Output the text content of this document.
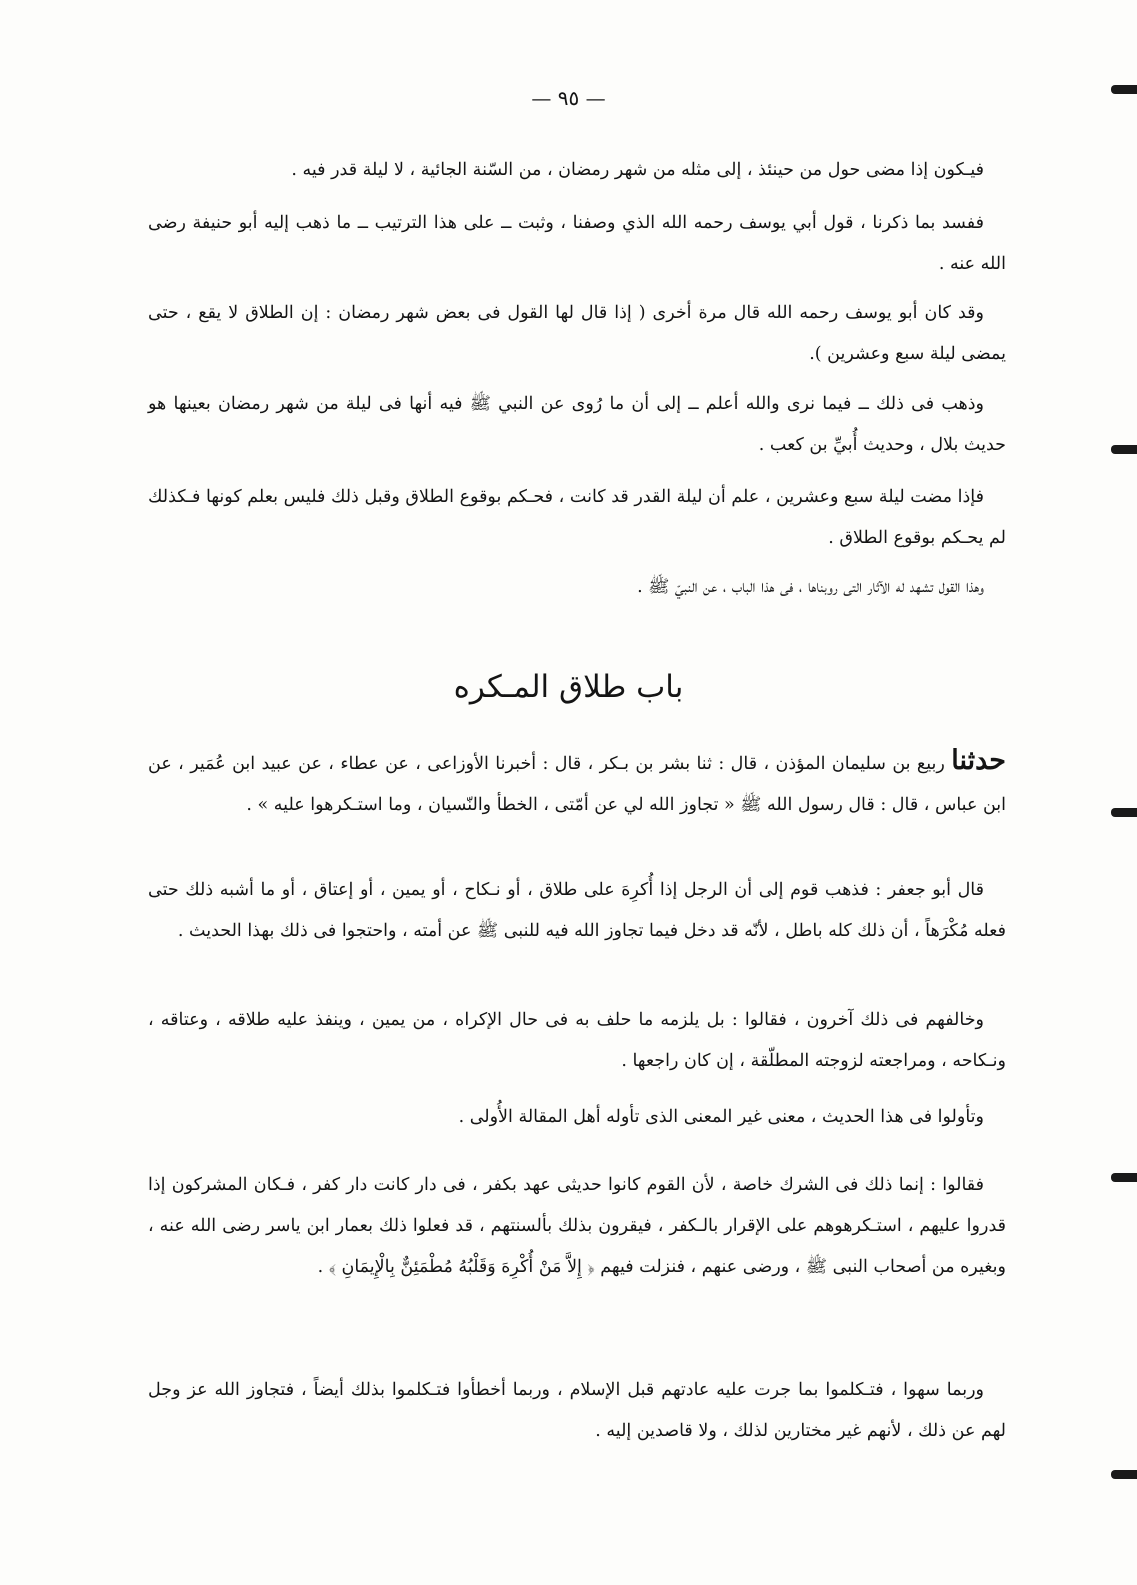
— ٩٥ —

فيـكون إذا مضى حول من حينئذ ، إلى مثله من شهر رمضان ، من السّنة الجائية ، لا ليلة قدر فيه .

ففسد بما ذكرنا ، قول أبي يوسف رحمه الله الذي وصفنا ، وثبت ــ على هذا الترتيب ــ ما ذهب إليه أبو حنيفة رضى الله عنه .

وقد كان أبو يوسف رحمه الله قال مرة أخرى ( إذا قال لها القول فى بعض شهر رمضان : إن الطلاق لا يقع ، حتى يمضى ليلة سبع وعشرين ).

وذهب فى ذلك ــ فيما نرى والله أعلم ــ إلى أن ما رُوى عن النبي ﷺ فيه أنها فى ليلة من شهر رمضان بعينها هو حديث بلال ، وحديث أُبيِّ بن كعب .

فإذا مضت ليلة سبع وعشرين ، علم أن ليلة القدر قد كانت ، فحـكم بوقوع الطلاق وقبل ذلك فليس بعلم كونها فـكذلك لم يحـكم بوقوع الطلاق .

وهذا القول تشهد له الآثار التى روبناها ، فى هذا الباب ، عن النبيّ ﷺ .

باب طلاق المـكره

حدثنا ربيع بن سليمان المؤذن ، قال : ثنا بشر بن بـكر ، قال : أخبرنا الأوزاعى ، عن عطاء ، عن عبيد ابن عُمَير ، عن ابن عباس ، قال : قال رسول الله ﷺ « تجاوز الله لي عن أمّتى ، الخطأ والنّسيان ، وما استـكرهوا عليه » .

قال أبو جعفر : فذهب قوم إلى أن الرجل إذا أُكرِهَ على طلاق ، أو نـكاح ، أو يمين ، أو إعتاق ، أو ما أشبه ذلك حتى فعله مُكْرَهاً ، أن ذلك كله باطل ، لأنّه قد دخل فيما تجاوز الله فيه للنبى ﷺ عن أمته ، واحتجوا فى ذلك بهذا الحديث .

وخالفهم فى ذلك آخرون ، فقالوا : بل يلزمه ما حلف به فى حال الإكراه ، من يمين ، وينفذ عليه طلاقه ، وعتاقه ، ونـكاحه ، ومراجعته لزوجته المطلّقة ، إن كان راجعها .

وتأولوا فى هذا الحديث ، معنى غير المعنى الذى تأوله أهل المقالة الأُولى .

فقالوا : إنما ذلك فى الشرك خاصة ، لأن القوم كانوا حديثى عهد بكفر ، فى دار كانت دار كفر ، فـكان المشركون إذا قدروا عليهم ، استـكرهوهم على الإقرار بالـكفر ، فيقرون بذلك بألسنتهم ، قد فعلوا ذلك بعمار ابن ياسر رضى الله عنه ، وبغيره من أصحاب النبى ﷺ ، ورضى عنهم ، فنزلت فيهم ﴿ إِلاَّ مَنْ أُكْرِهَ وَقَلْبُهُ مُطْمَئِنٌّ بِالْإِيمَانِ ﴾ .

وربما سهوا ، فتـكلموا بما جرت عليه عادتهم قبل الإسلام ، وربما أخطأوا فتـكلموا بذلك أيضاً ، فتجاوز الله عز وجل لهم عن ذلك ، لأنهم غير مختارين لذلك ، ولا قاصدين إليه .
